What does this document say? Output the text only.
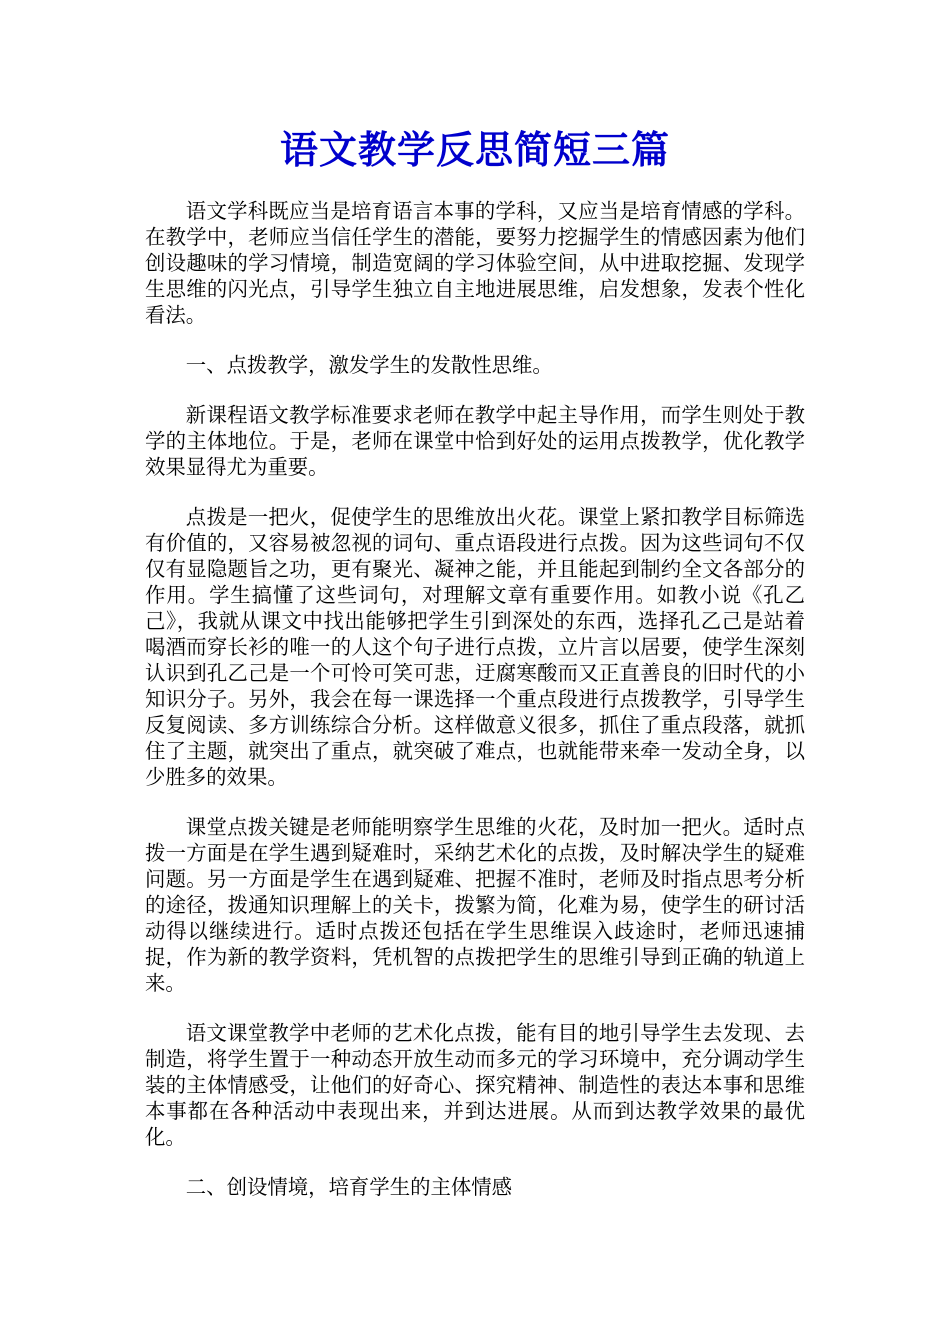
语文教学反思简短三篇

语文学科既应当是培育语言本事的学科，又应当是培育情感的学科。在教学中，老师应当信任学生的潜能，要努力挖掘学生的情感因素为他们创设趣味的学习情境，制造宽阔的学习体验空间，从中进取挖掘、发现学生思维的闪光点，引导学生独立自主地进展思维，启发想象，发表个性化看法。

一、点拨教学，激发学生的发散性思维。

新课程语文教学标准要求老师在教学中起主导作用，而学生则处于教学的主体地位。于是，老师在课堂中恰到好处的运用点拨教学，优化教学效果显得尤为重要。

点拨是一把火，促使学生的思维放出火花。课堂上紧扣教学目标筛选有价值的，又容易被忽视的词句、重点语段进行点拨。因为这些词句不仅仅有显隐题旨之功，更有聚光、凝神之能，并且能起到制约全文各部分的作用。学生搞懂了这些词句，对理解文章有重要作用。如教小说《孔乙己》，我就从课文中找出能够把学生引到深处的东西，选择孔乙己是站着喝酒而穿长衫的唯一的人这个句子进行点拨，立片言以居要，使学生深刻认识到孔乙己是一个可怜可笑可悲，迂腐寒酸而又正直善良的旧时代的小知识分子。另外，我会在每一课选择一个重点段进行点拨教学，引导学生反复阅读、多方训练综合分析。这样做意义很多，抓住了重点段落，就抓住了主题，就突出了重点，就突破了难点，也就能带来牵一发动全身，以少胜多的效果。

课堂点拨关键是老师能明察学生思维的火花，及时加一把火。适时点拨一方面是在学生遇到疑难时，采纳艺术化的点拨，及时解决学生的疑难问题。另一方面是学生在遇到疑难、把握不准时，老师及时指点思考分析的途径，拨通知识理解上的关卡，拨繁为简，化难为易，使学生的研讨活动得以继续进行。适时点拨还包括在学生思维误入歧途时，老师迅速捕捉，作为新的教学资料，凭机智的点拨把学生的思维引导到正确的轨道上来。

语文课堂教学中老师的艺术化点拨，能有目的地引导学生去发现、去制造，将学生置于一种动态开放生动而多元的学习环境中，充分调动学生装的主体情感受，让他们的好奇心、探究精神、制造性的表达本事和思维本事都在各种活动中表现出来，并到达进展。从而到达教学效果的最优化。

二、创设情境，培育学生的主体情感
